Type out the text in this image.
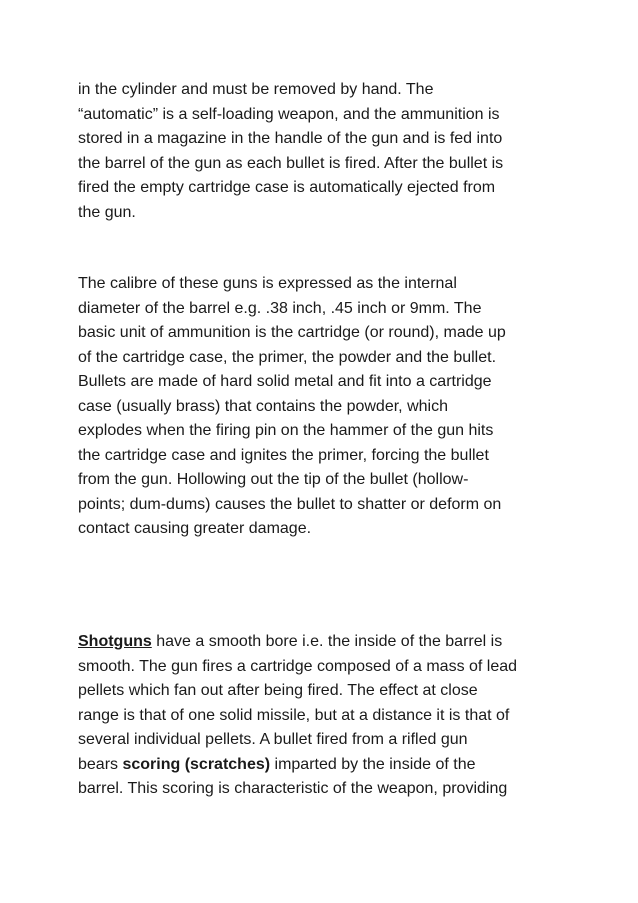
in the cylinder and must be removed by hand. The
“automatic” is a self-loading weapon, and the ammunition is
stored in a magazine in the handle of the gun and is fed into
the barrel of the gun as each bullet is fired. After the bullet is
fired the empty cartridge case is automatically ejected from
the gun.

The calibre of these guns is expressed as the internal
diameter of the barrel e.g. .38 inch, .45 inch or 9mm. The
basic unit of ammunition is the cartridge (or round), made up
of the cartridge case, the primer, the powder and the bullet.
Bullets are made of hard solid metal and fit into a cartridge
case (usually brass) that contains the powder, which
explodes when the firing pin on the hammer of the gun hits
the cartridge case and ignites the primer, forcing the bullet
from the gun. Hollowing out the tip of the bullet (hollow-
points; dum-dums) causes the bullet to shatter or deform on
contact causing greater damage.

Shotguns have a smooth bore i.e. the inside of the barrel is
smooth. The gun fires a cartridge composed of a mass of lead
pellets which fan out after being fired. The effect at close
range is that of one solid missile, but at a distance it is that of
several individual pellets. A bullet fired from a rifled gun
bears scoring (scratches) imparted by the inside of the
barrel. This scoring is characteristic of the weapon, providing
